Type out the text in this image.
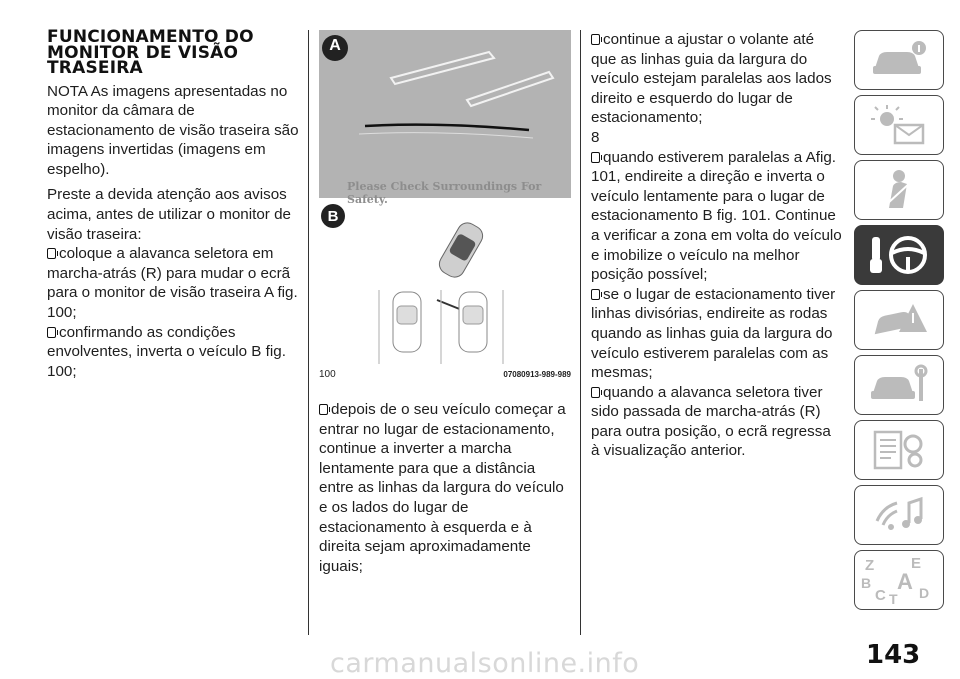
FUNCIONAMENTO DO
MONITOR DE VISÃO
TRASEIRA

NOTA As imagens apresentadas no monitor da câmara de estacionamento de visão traseira são imagens invertidas (imagens em espelho).

Preste a devida atenção aos avisos acima, antes de utilizar o monitor de visão traseira:

coloque a alavanca seletora em marcha-atrás (R) para mudar o ecrã para o monitor de visão traseira A fig. 100;
confirmando as condições envolventes, inverta o veículo B fig. 100;
A
Please Check Surroundings For Safety.
B
100	07080913-989-989
depois de o seu veículo começar a entrar no lugar de estacionamento, continue a inverter a marcha lentamente para que a distância entre as linhas da largura do veículo e os lados do lugar de estacionamento à esquerda e à direita sejam aproximadamente iguais;
continue a ajustar o volante até que as linhas guia da largura do veículo estejam paralelas aos lados direito e esquerdo do lugar de estacionamento;
8
quando estiverem paralelas a Afig. 101, endireite a direção e inverta o veículo lentamente para o lugar de estacionamento B fig. 101. Continue a verificar a zona em volta do veículo e imobilize o veículo na melhor posição possível;
se o lugar de estacionamento tiver linhas divisórias, endireite as rodas quando as linhas guia da largura do veículo estiverem paralelas com as mesmas;
quando a alavanca seletora tiver sido passada de marcha-atrás (R) para outra posição, o ecrã regressa à visualização anterior.
Z E
B A
C T D
143
carmanualsonline.info
